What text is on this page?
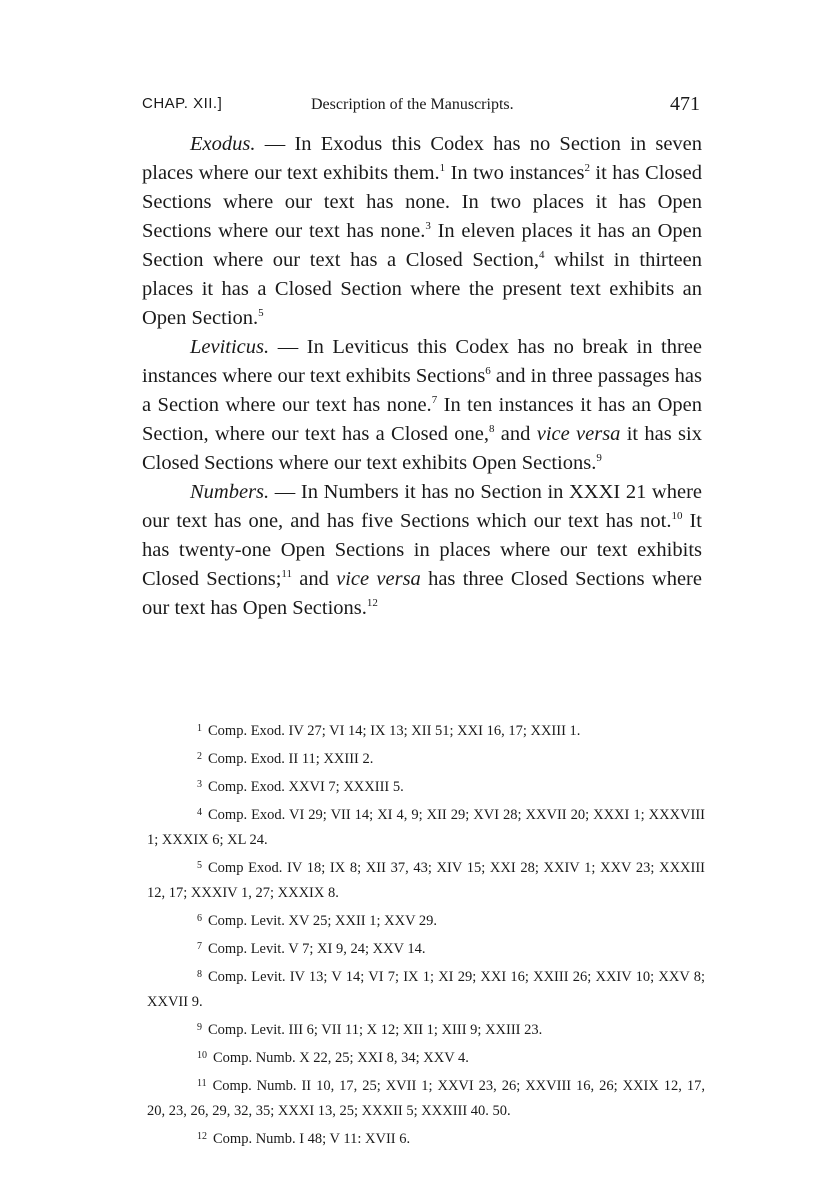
CHAP. XII.]	Description of the Manuscripts.	471

Exodus. — In Exodus this Codex has no Section in seven places where our text exhibits them.$^1$ In two instances$^2$ it has Closed Sections where our text has none. In two places it has Open Sections where our text has none.$^3$ In eleven places it has an Open Section where our text has a Closed Section,$^4$ whilst in thirteen places it has a Closed Section where the present text exhibits an Open Section.$^5$

Leviticus. — In Leviticus this Codex has no break in three instances where our text exhibits Sections$^6$ and in three passages has a Section where our text has none.$^7$ In ten instances it has an Open Section, where our text has a Closed one,$^8$ and vice versa it has six Closed Sections where our text exhibits Open Sections.$^9$

Numbers. — In Numbers it has no Section in XXXI 21 where our text has one, and has five Sections which our text has not.$^{10}$ It has twenty-one Open Sections in places where our text exhibits Closed Sections;$^{11}$ and vice versa has three Closed Sections where our text has Open Sections.$^{12}$

$^1$ Comp. Exod. IV 27; VI 14; IX 13; XII 51; XXI 16, 17; XXIII 1.

$^2$ Comp. Exod. II 11; XXIII 2.

$^3$ Comp. Exod. XXVI 7; XXXIII 5.

$^4$ Comp. Exod. VI 29; VII 14; XI 4, 9; XII 29; XVI 28; XXVII 20; XXXI 1; XXXVIII 1; XXXIX 6; XL 24.

$^5$ Comp Exod. IV 18; IX 8; XII 37, 43; XIV 15; XXI 28; XXIV 1; XXV 23; XXXIII 12, 17; XXXIV 1, 27; XXXIX 8.

$^6$ Comp. Levit. XV 25; XXII 1; XXV 29.

$^7$ Comp. Levit. V 7; XI 9, 24; XXV 14.

$^8$ Comp. Levit. IV 13; V 14; VI 7; IX 1; XI 29; XXI 16; XXIII 26; XXIV 10; XXV 8; XXVII 9.

$^9$ Comp. Levit. III 6; VII 11; X 12; XII 1; XIII 9; XXIII 23.

$^{10}$ Comp. Numb. X 22, 25; XXI 8, 34; XXV 4.

$^{11}$ Comp. Numb. II 10, 17, 25; XVII 1; XXVI 23, 26; XXVIII 16, 26; XXIX 12, 17, 20, 23, 26, 29, 32, 35; XXXI 13, 25; XXXII 5; XXXIII 40. 50.

$^{12}$ Comp. Numb. I 48; V 11: XVII 6.
